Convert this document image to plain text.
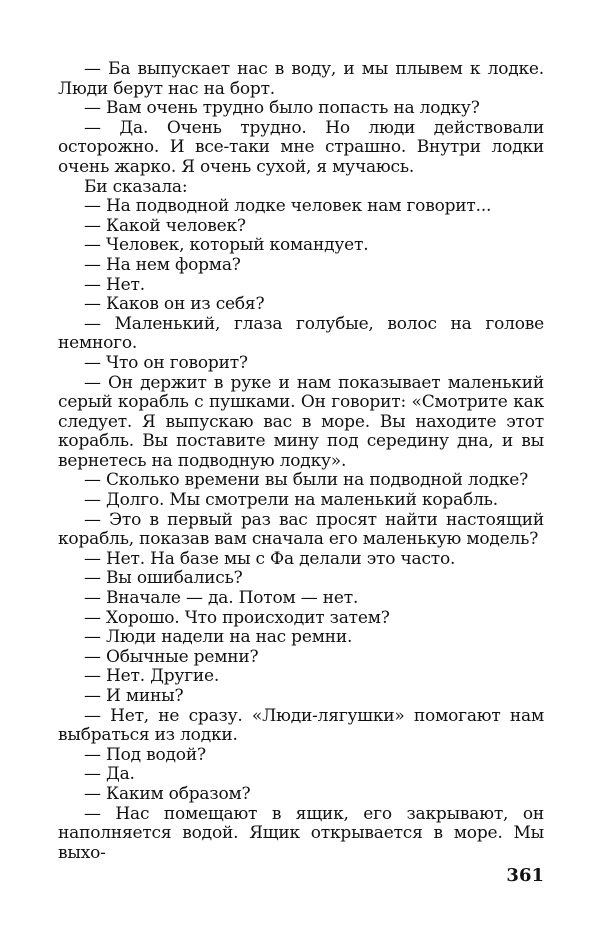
— Ба выпускает нас в воду, и мы плывем к лодке. Люди берут нас на борт.

— Вам очень трудно было попасть на лодку?

— Да. Очень трудно. Но люди действовали осторожно. И все-таки мне страшно. Внутри лодки очень жарко. Я очень сухой, я мучаюсь.

Би сказала:

— На подводной лодке человек нам говорит...

— Какой человек?

— Человек, который командует.

— На нем форма?

— Нет.

— Каков он из себя?

— Маленький, глаза голубые, волос на голове немного.

— Что он говорит?

— Он держит в руке и нам показывает маленький серый корабль с пушками. Он говорит: «Смотрите как следует. Я выпускаю вас в море. Вы находите этот корабль. Вы поставите мину под середину дна, и вы вернетесь на подводную лодку».

— Сколько времени вы были на подводной лодке?

— Долго. Мы смотрели на маленький корабль.

— Это в первый раз вас просят найти настоящий корабль, показав вам сначала его маленькую модель?

— Нет. На базе мы с Фа делали это часто.

— Вы ошибались?

— Вначале — да. Потом — нет.

— Хорошо. Что происходит затем?

— Люди надели на нас ремни.

— Обычные ремни?

— Нет. Другие.

— И мины?

— Нет, не сразу. «Люди-лягушки» помогают нам выбраться из лодки.

— Под водой?

— Да.

— Каким образом?

— Нас помещают в ящик, его закрывают, он наполняется водой. Ящик открывается в море. Мы выхо-

361
